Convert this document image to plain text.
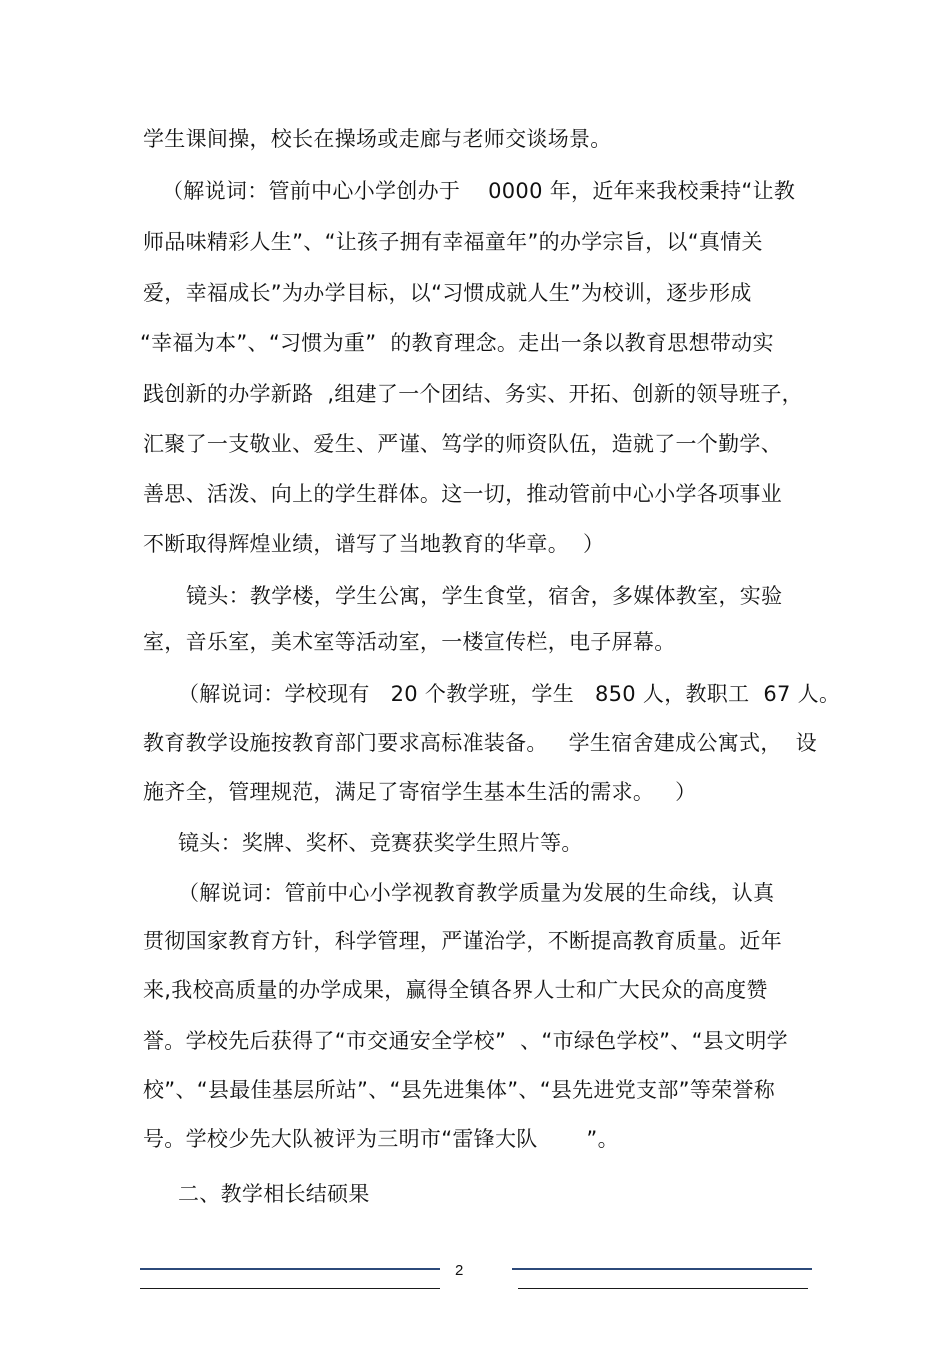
学生课间操，校长在操场或走廊与老师交谈场景。
（解说词：管前中心小学创办于    0000 年，近年来我校秉持“让教
师品味精彩人生”、“让孩子拥有幸福童年”的办学宗旨，以“真情关
爱，幸福成长”为办学目标，以“习惯成就人生”为校训，逐步形成
“幸福为本”、“习惯为重”  的教育理念。走出一条以教育思想带动实
践创新的办学新路  ,组建了一个团结、务实、开拓、创新的领导班子，
汇聚了一支敬业、爱生、严谨、笃学的师资队伍，造就了一个勤学、
善思、活泼、向上的学生群体。这一切，推动管前中心小学各项事业
不断取得辉煌业绩，谱写了当地教育的华章。  ）
镜头：教学楼，学生公寓，学生食堂，宿舍，多媒体教室，实验
室，音乐室，美术室等活动室，一楼宣传栏，电子屏幕。
（解说词：学校现有   20 个教学班，学生   850 人，教职工  67 人。
教育教学设施按教育部门要求高标准装备。   学生宿舍建成公寓式，  设
施齐全，管理规范，满足了寄宿学生基本生活的需求。   ）
镜头：奖牌、奖杯、竞赛获奖学生照片等。
（解说词：管前中心小学视教育教学质量为发展的生命线，认真
贯彻国家教育方针，科学管理，严谨治学，不断提高教育质量。近年
来,我校高质量的办学成果，赢得全镇各界人士和广大民众的高度赞
誉。学校先后获得了“市交通安全学校”  、“市绿色学校”、“县文明学
校”、“县最佳基层所站”、“县先进集体”、“县先进党支部”等荣誉称
号。学校少先大队被评为三明市“雷锋大队       ”。
二、教学相长结硕果
2
